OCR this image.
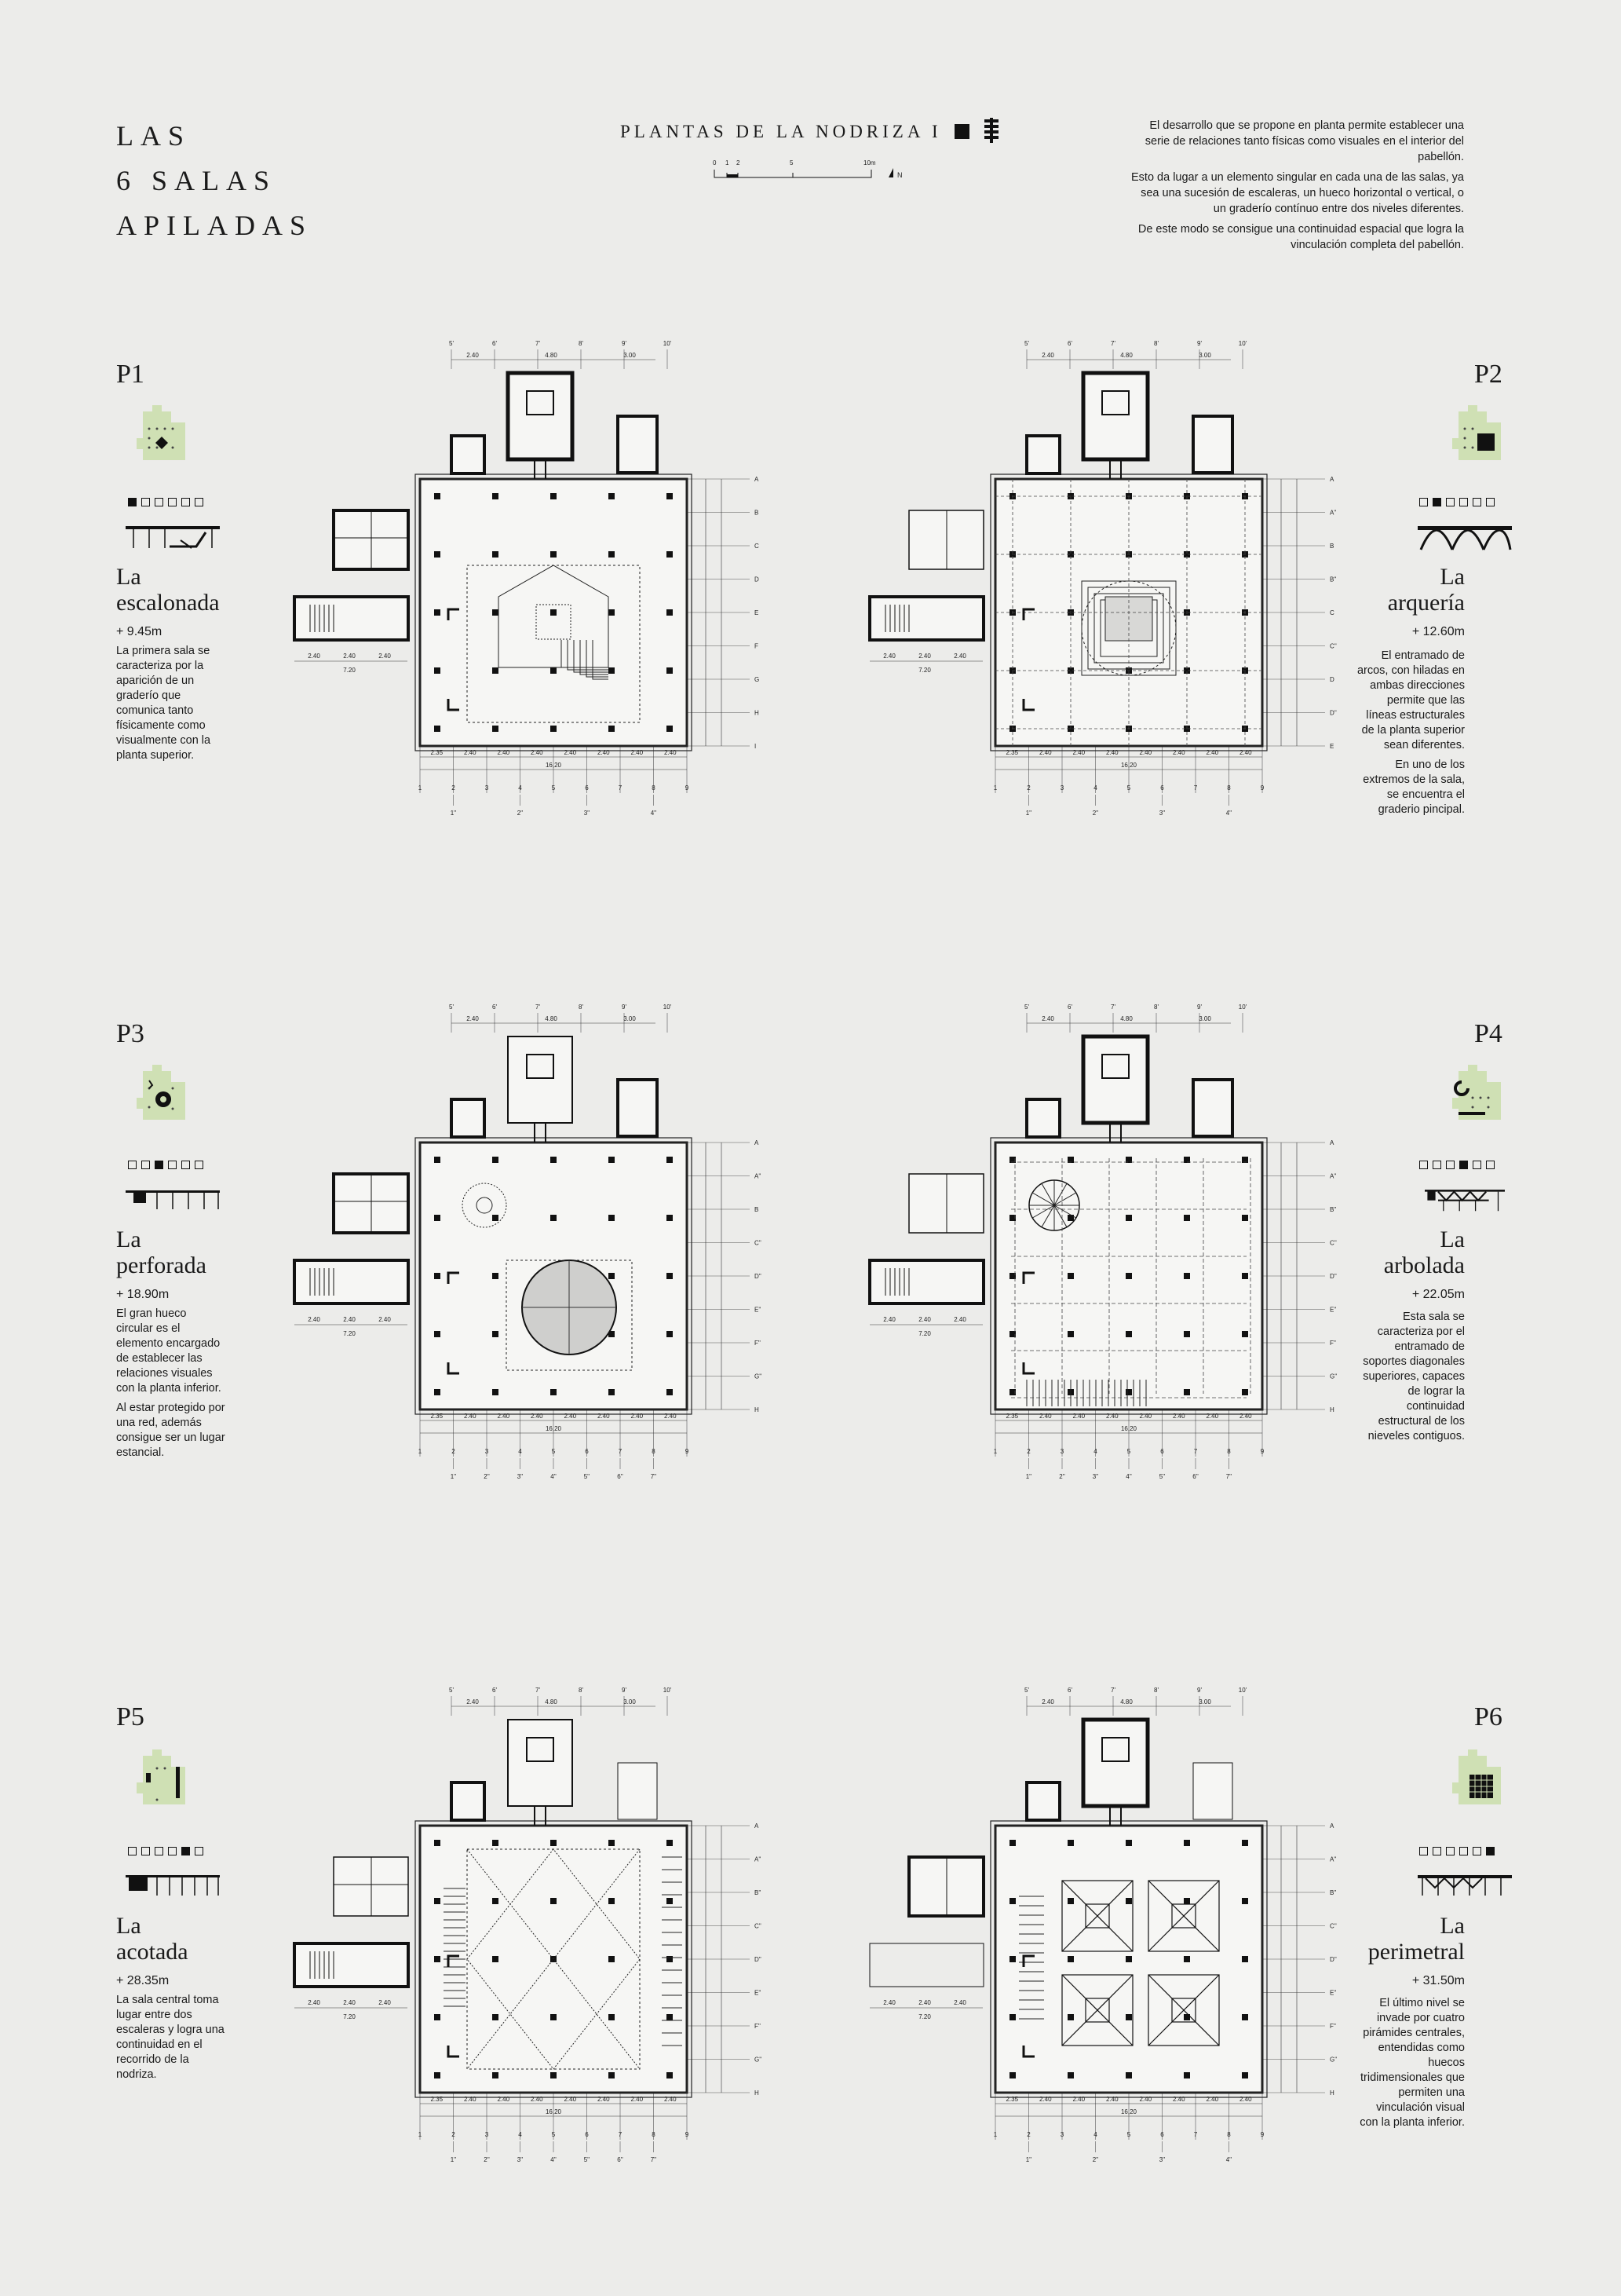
LAS
6 SALAS
APILADAS
PLANTAS DE LA NODRIZA I
0 1 2	5	10m
N

El desarrollo que se propone en planta permite establecer una serie de relaciones tanto físicas como visuales en el interior del pabellón.

Esto da lugar a un elemento singular en cada una de las salas, ya sea una sucesión de escaleras, un hueco horizontal o vertical, o un graderío contínuo entre dos niveles diferentes.

De este modo se consigue una continuidad espacial que logra la vinculación completa del pabellón.

P1
La
escalonada
+ 9.45m

La primera sala se caracteriza por la aparición de un graderío que comunica tanto físicamente como visualmente con la planta superior.

P2
La
arquería
+ 12.60m

El entramado de arcos, con hiladas en ambas direcciones permite que las líneas estructurales de la planta superior sean diferentes.

En uno de los extremos de la sala, se encuentra el graderio pincipal.

P3
La
perforada
+ 18.90m

El gran hueco circular es el elemento encargado de establecer las relaciones visuales con la planta inferior.

Al estar protegido por una red, además consigue ser un lugar estancial.

P4
La
arbolada
+ 22.05m

Esta sala se caracteriza por el entramado de soportes diagonales superiores, capaces de lograr la continuidad estructural de los nieveles contiguos.

P5
La
acotada
+ 28.35m

La sala central toma lugar entre dos escaleras y logra una continuidad en el recorrido de la nodriza.

P6
La
perimetral
+ 31.50m

El último nivel se invade por cuatro pirámides centrales, entendidas como huecos tridimensionales que permiten una vinculación visual con la planta inferior.

2.35	2.40	2.40	2.40	2.40	2.40	2.40	2.40
16,20
1	2	3	4	5	6	7	8	9
1''	2''	3''	4''
A
B
C
D
E
F
G
H
I
5'	6'	7'	8'	9'	10'
2.40	4.80	3.00
2.40	2.40	2.40
7.20
2.35	2.40	2.40	2.40	2.40	2.40	2.40	2.40
16,20
1	2	3	4	5	6	7	8	9
1''	2''	3''	4''
A
A''
B
B''
C
C''
D
D''
E
5'	6'	7'	8'	9'	10'
2.40	4.80	3.00
2.40	2.40	2.40
7.20
2.35	2.40	2.40	2.40	2.40	2.40	2.40	2.40
16,20
1	2	3	4	5	6	7	8	9
1''	2''	3''	4''	5''	6''	7''
A
A''
B
C''
D''
E''
F''
G''
H
5'	6'	7'	8'	9'	10'
2.40	4.80	3.00
2.40	2.40	2.40
7.20
2.35	2.40	2.40	2.40	2.40	2.40	2.40	2.40
16,20
1	2	3	4	5	6	7	8	9
1''	2''	3''	4''	5''	6''	7''
A
A''
B''
C''
D''
E''
F''
G''
H
5'	6'	7'	8'	9'	10'
2.40	4.80	3.00
2.40	2.40	2.40
7.20
2.35	2.40	2.40	2.40	2.40	2.40	2.40	2.40
16,20
1	2	3	4	5	6	7	8	9
1''	2''	3''	4''	5''	6''	7''
A
A''
B''
C''
D''
E''
F''
G''
H
5'	6'	7'	8'	9'	10'
2.40	4.80	3.00
2.40	2.40	2.40
7.20
2.35	2.40	2.40	2.40	2.40	2.40	2.40	2.40
16,20
1	2	3	4	5	6	7	8	9
1''	2''	3''	4''
A
A''
B''
C''
D''
E''
F''
G''
H
5'	6'	7'	8'	9'	10'
2.40	4.80	3.00
2.40	2.40	2.40
7.20
